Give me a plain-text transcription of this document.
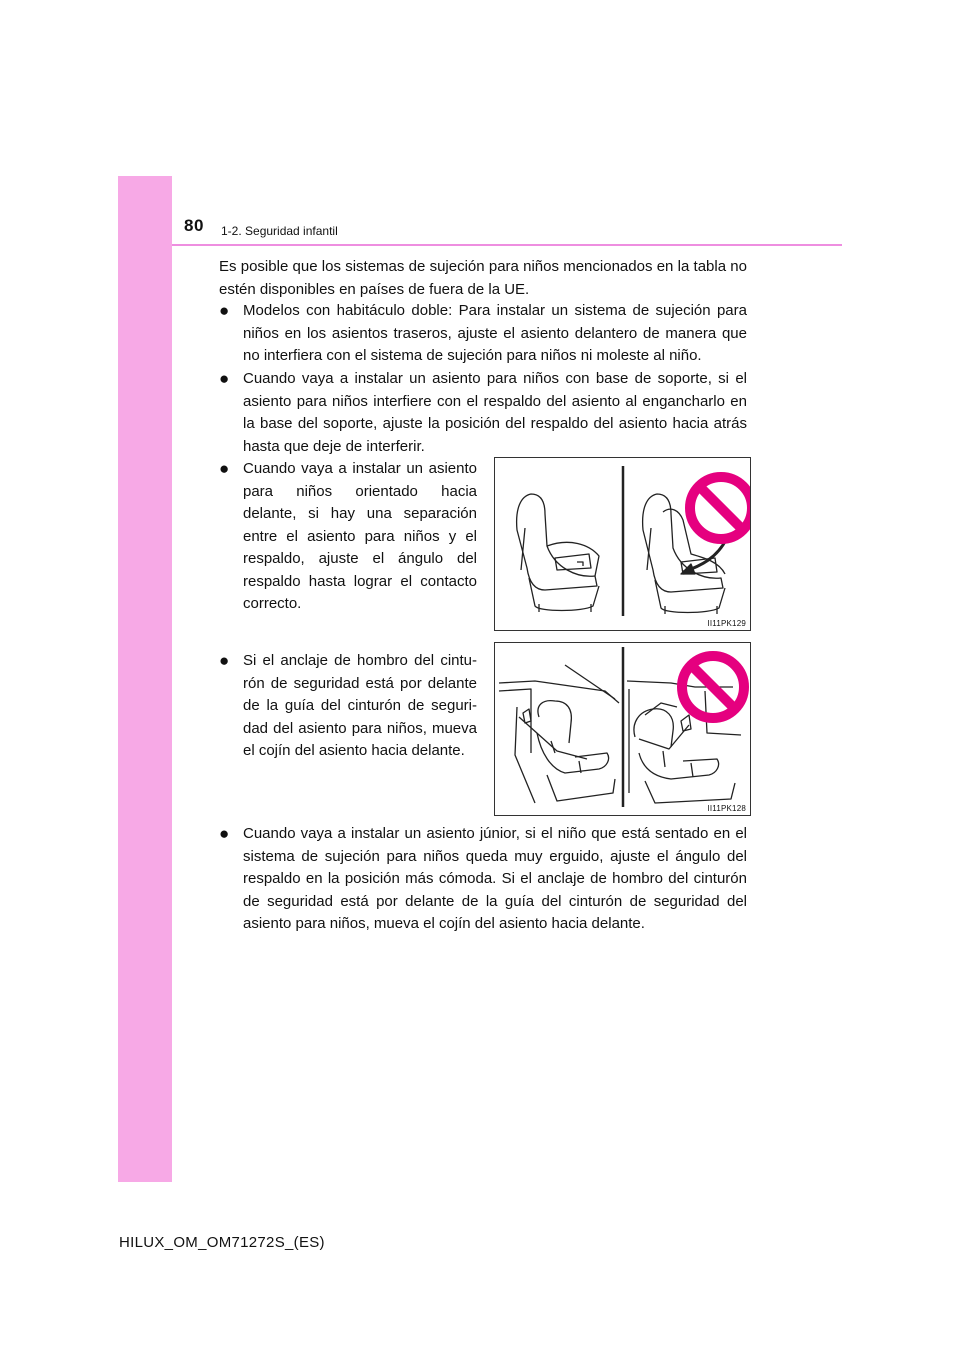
80 1-2. Seguridad infantil

Es posible que los sistemas de sujeción para niños mencionados en la tabla no estén disponibles en países de fuera de la UE.

● Modelos con habitáculo doble: Para instalar un sistema de sujeción para niños en los asientos traseros, ajuste el asiento delantero de manera que no interfiera con el sistema de sujeción para niños ni moleste al niño.
● Cuando vaya a instalar un asiento para niños con base de soporte, si el asiento para niños interfiere con el respaldo del asiento al engancharlo en la base del soporte, ajuste la posición del respaldo del asiento hacia atrás hasta que deje de interferir.
● Cuando vaya a instalar un asiento para niños orientado hacia delante, si hay una separación entre el asiento para niños y el respaldo, ajuste el ángulo del respaldo hasta lograr el contacto correcto.
● Si el anclaje de hombro del cintu-rón de seguridad está por delante de la guía del cinturón de seguri-dad del asiento para niños, mueva el cojín del asiento hacia delante.
● Cuando vaya a instalar un asiento júnior, si el niño que está sentado en el sistema de sujeción para niños queda muy erguido, ajuste el ángulo del respaldo en la posición más cómoda. Si el anclaje de hombro del cinturón de seguridad está por delante de la guía del cinturón de seguridad del asiento para niños, mueva el cojín del asiento hacia delante.
II11PK129
II11PK128
HILUX_OM_OM71272S_(ES)
